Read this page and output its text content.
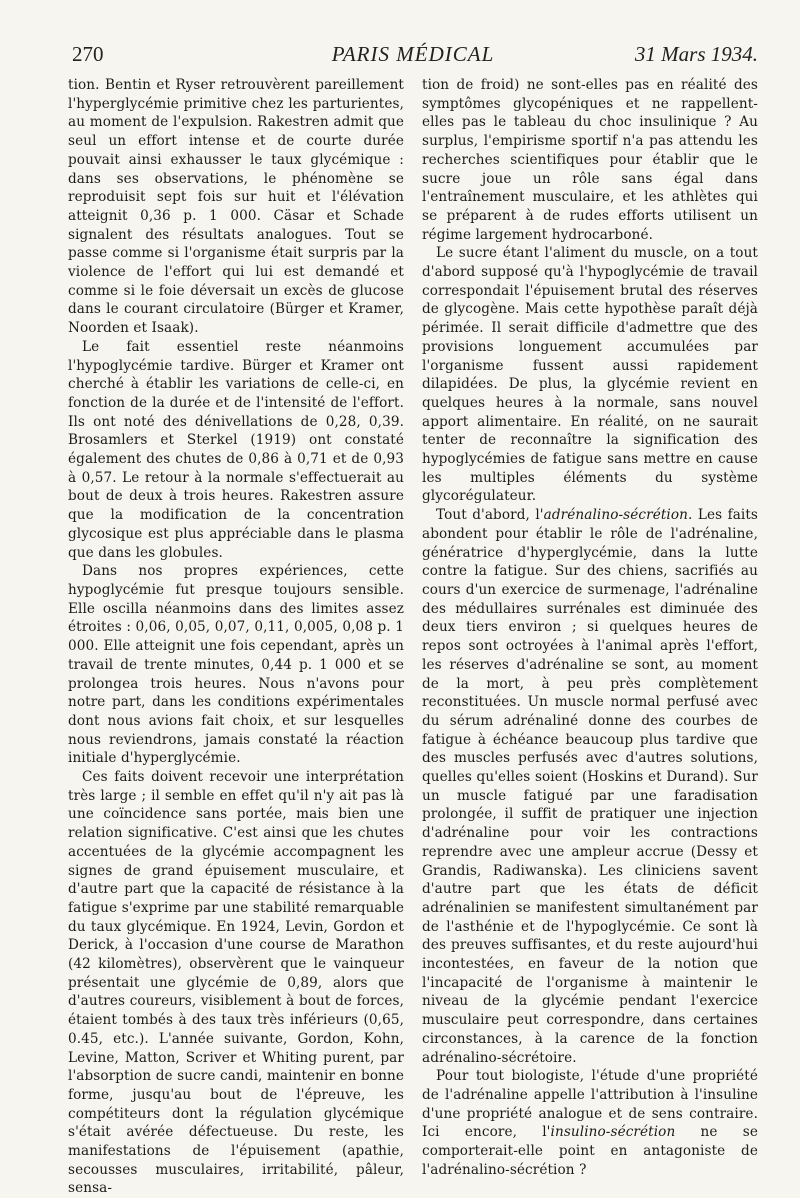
270	PARIS MÉDICAL	31 Mars 1934.

tion. Bentin et Ryser retrouvèrent pareillement l'hyperglycémie primitive chez les parturientes, au moment de l'expulsion. Rakestren admit que seul un effort intense et de courte durée pouvait ainsi exhausser le taux glycémique : dans ses observations, le phénomène se reproduisit sept fois sur huit et l'élévation atteignit 0,36 p. 1 000. Cäsar et Schade signalent des résultats analogues. Tout se passe comme si l'organisme était surpris par la violence de l'effort qui lui est demandé et comme si le foie déversait un excès de glucose dans le courant circulatoire (Bürger et Kramer, Noorden et Isaak).

Le fait essentiel reste néanmoins l'hypoglycémie tardive. Bürger et Kramer ont cherché à établir les variations de celle-ci, en fonction de la durée et de l'intensité de l'effort. Ils ont noté des dénivellations de 0,28, 0,39. Brosamlers et Sterkel (1919) ont constaté également des chutes de 0,86 à 0,71 et de 0,93 à 0,57. Le retour à la normale s'effectuerait au bout de deux à trois heures. Rakestren assure que la modification de la concentration glycosique est plus appréciable dans le plasma que dans les globules.

Dans nos propres expériences, cette hypoglycémie fut presque toujours sensible. Elle oscilla néanmoins dans des limites assez étroites : 0,06, 0,05, 0,07, 0,11, 0,005, 0,08 p. 1 000. Elle atteignit une fois cependant, après un travail de trente minutes, 0,44 p. 1 000 et se prolongea trois heures. Nous n'avons pour notre part, dans les conditions expérimentales dont nous avions fait choix, et sur lesquelles nous reviendrons, jamais constaté la réaction initiale d'hyperglycémie.

Ces faits doivent recevoir une interprétation très large ; il semble en effet qu'il n'y ait pas là une coïncidence sans portée, mais bien une relation significative. C'est ainsi que les chutes accentuées de la glycémie accompagnent les signes de grand épuisement musculaire, et d'autre part que la capacité de résistance à la fatigue s'exprime par une stabilité remarquable du taux glycémique. En 1924, Levin, Gordon et Derick, à l'occasion d'une course de Marathon (42 kilomètres), observèrent que le vainqueur présentait une glycémie de 0,89, alors que d'autres coureurs, visiblement à bout de forces, étaient tombés à des taux très inférieurs (0,65, 0.45, etc.). L'année suivante, Gordon, Kohn, Levine, Matton, Scriver et Whiting purent, par l'absorption de sucre candi, maintenir en bonne forme, jusqu'au bout de l'épreuve, les compétiteurs dont la régulation glycémique s'était avérée défectueuse. Du reste, les manifestations de l'épuisement (apathie, secousses musculaires, irritabilité, pâleur, sensa-

tion de froid) ne sont-elles pas en réalité des symptômes glycopéniques et ne rappellent-elles pas le tableau du choc insulinique ? Au surplus, l'empirisme sportif n'a pas attendu les recherches scientifiques pour établir que le sucre joue un rôle sans égal dans l'entraînement musculaire, et les athlètes qui se préparent à de rudes efforts utilisent un régime largement hydrocarboné.

Le sucre étant l'aliment du muscle, on a tout d'abord supposé qu'à l'hypoglycémie de travail correspondait l'épuisement brutal des réserves de glycogène. Mais cette hypothèse paraît déjà périmée. Il serait difficile d'admettre que des provisions longuement accumulées par l'organisme fussent aussi rapidement dilapidées. De plus, la glycémie revient en quelques heures à la normale, sans nouvel apport alimentaire. En réalité, on ne saurait tenter de reconnaître la signification des hypoglycémies de fatigue sans mettre en cause les multiples éléments du système glycorégulateur.

Tout d'abord, l'adrénalino-sécrétion. Les faits abondent pour établir le rôle de l'adrénaline, génératrice d'hyperglycémie, dans la lutte contre la fatigue. Sur des chiens, sacrifiés au cours d'un exercice de surmenage, l'adrénaline des médullaires surrénales est diminuée des deux tiers environ ; si quelques heures de repos sont octroyées à l'animal après l'effort, les réserves d'adrénaline se sont, au moment de la mort, à peu près complètement reconstituées. Un muscle normal perfusé avec du sérum adrénaliné donne des courbes de fatigue à échéance beaucoup plus tardive que des muscles perfusés avec d'autres solutions, quelles qu'elles soient (Hoskins et Durand). Sur un muscle fatigué par une faradisation prolongée, il suffit de pratiquer une injection d'adrénaline pour voir les contractions reprendre avec une ampleur accrue (Dessy et Grandis, Radiwanska). Les cliniciens savent d'autre part que les états de déficit adrénalinien se manifestent simultanément par de l'asthénie et de l'hypoglycémie. Ce sont là des preuves suffisantes, et du reste aujourd'hui incontestées, en faveur de la notion que l'incapacité de l'organisme à maintenir le niveau de la glycémie pendant l'exercice musculaire peut correspondre, dans certaines circonstances, à la carence de la fonction adrénalino-sécrétoire.

Pour tout biologiste, l'étude d'une propriété de l'adrénaline appelle l'attribution à l'insuline d'une propriété analogue et de sens contraire. Ici encore, l'insulino-sécrétion ne se comporterait-elle point en antagoniste de l'adrénalino-sécrétion ?
